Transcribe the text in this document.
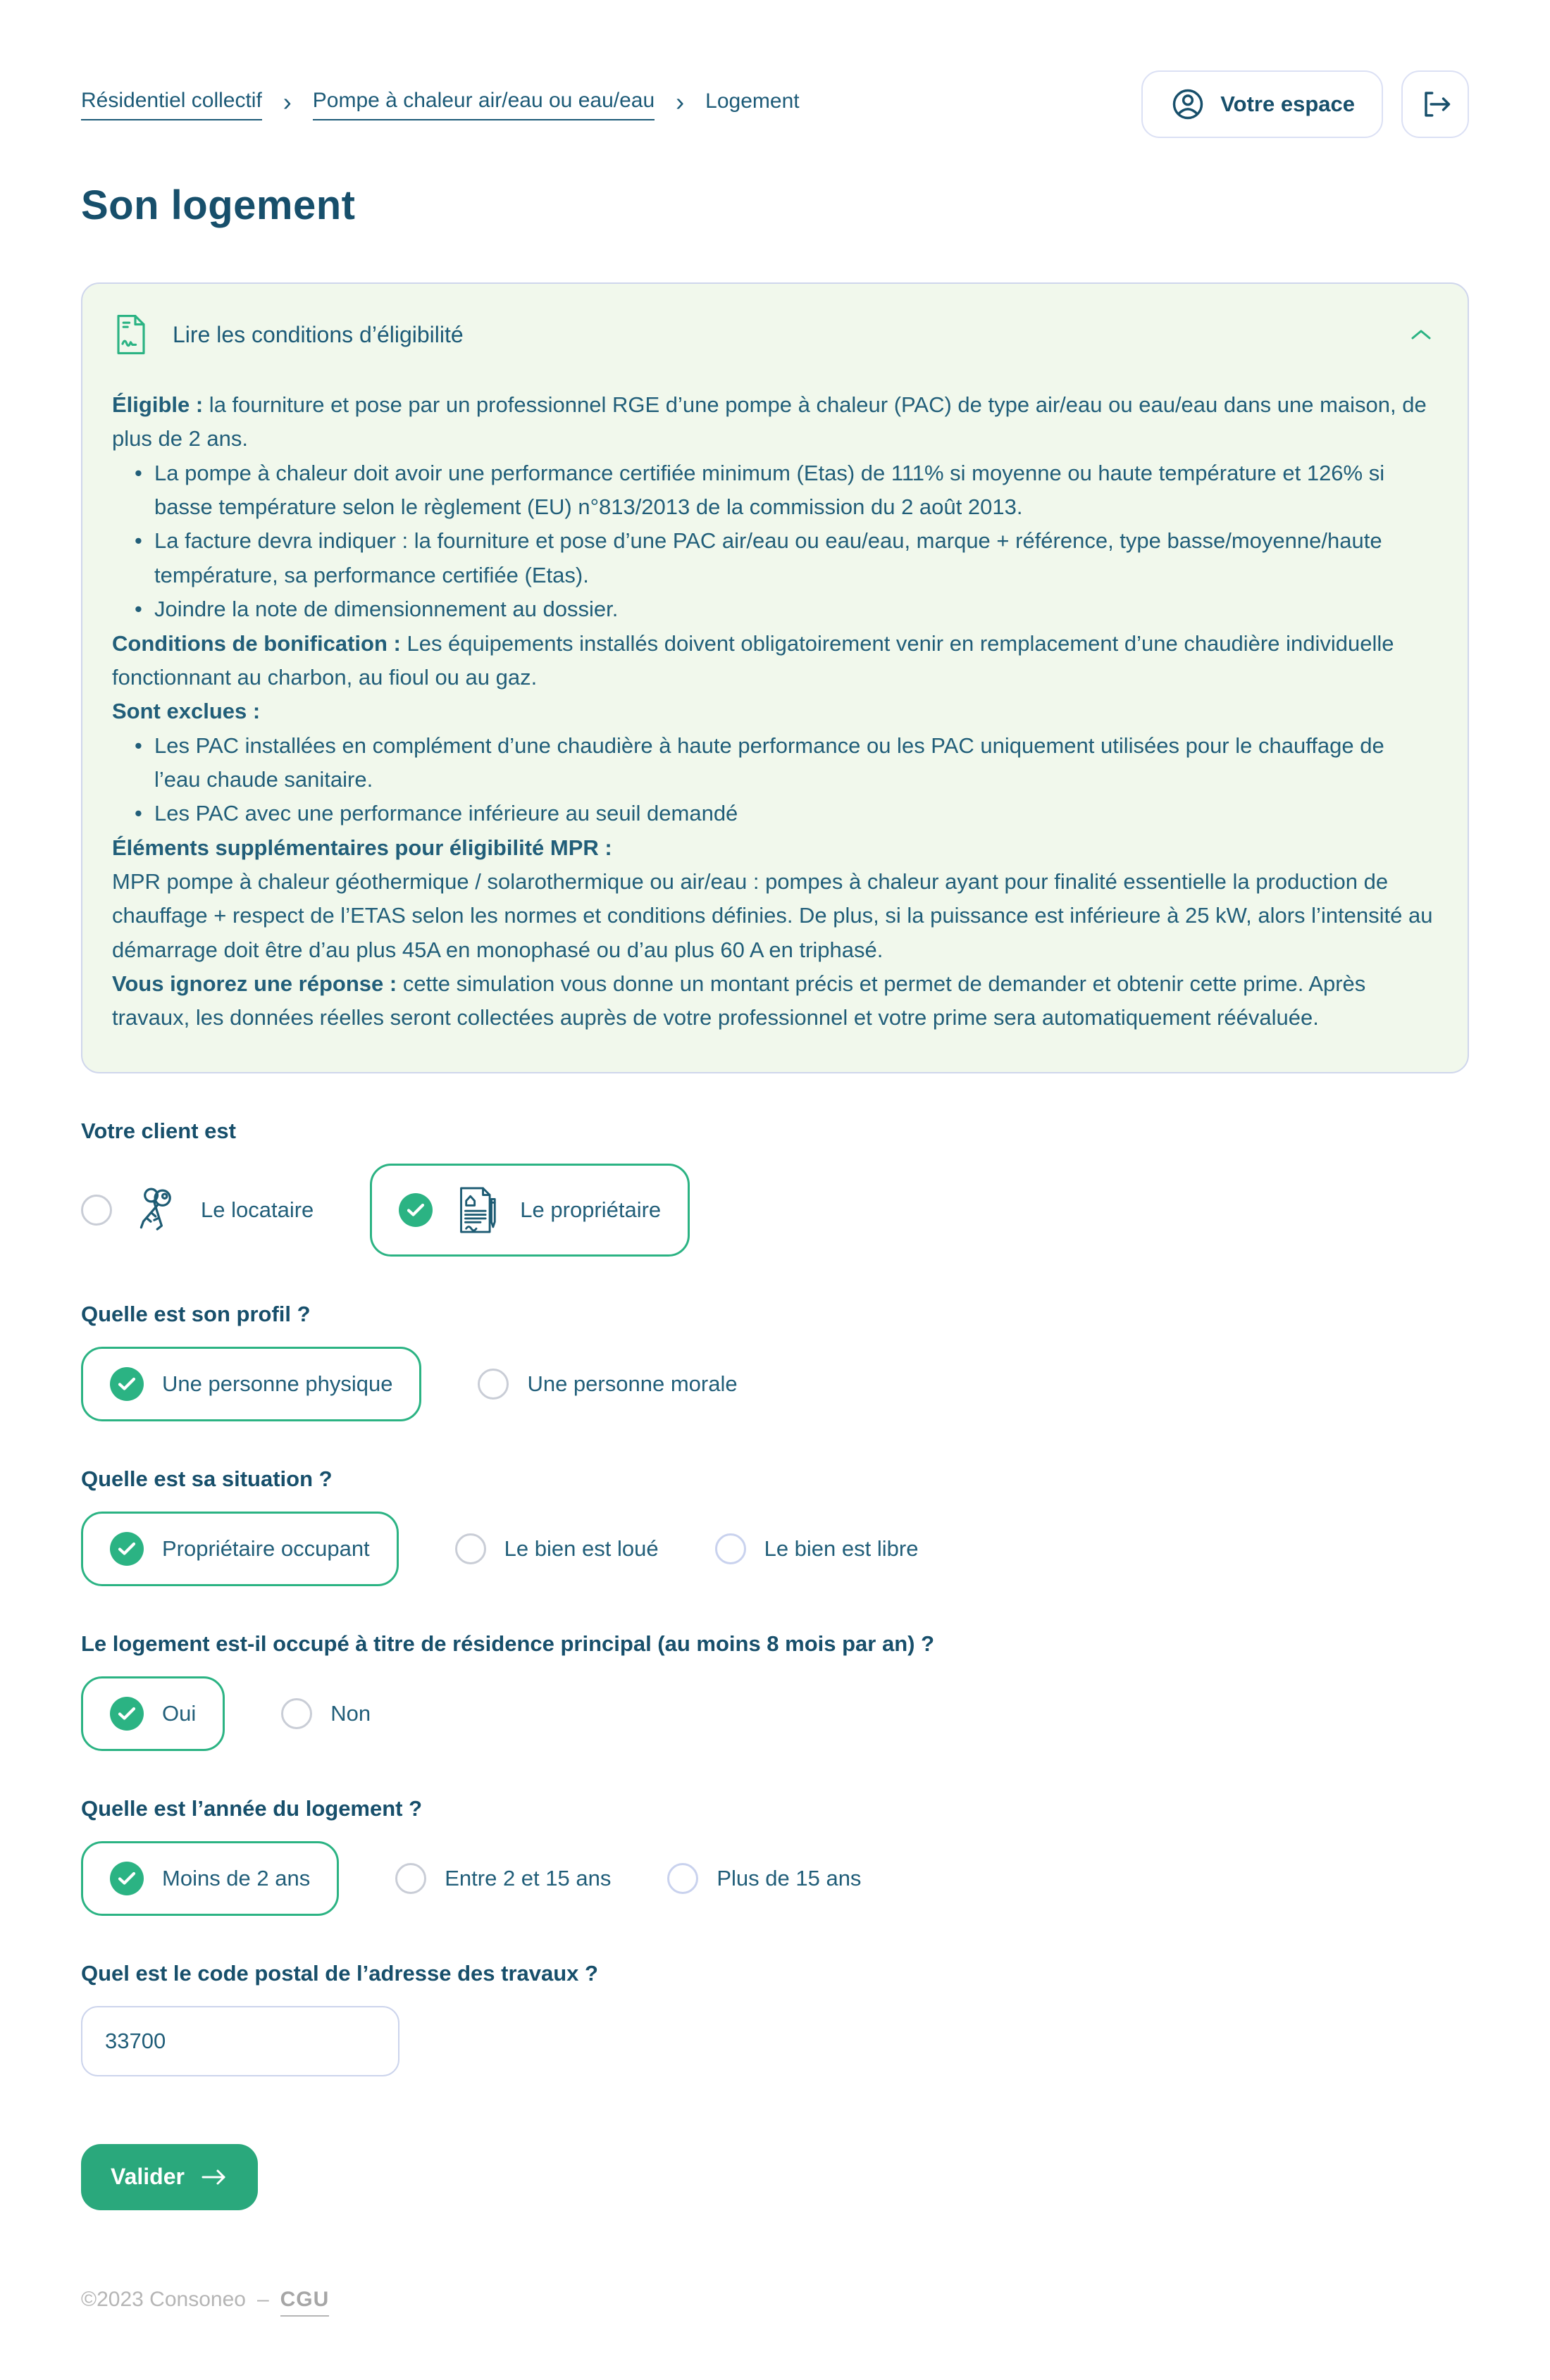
Résidentiel collectif › Pompe à chaleur air/eau ou eau/eau › Logement	Votre espace
Son logement
Lire les conditions d’éligibilité

Éligible : la fourniture et pose par un professionnel RGE d’une pompe à chaleur (PAC) de type air/eau ou eau/eau dans une maison, de plus de 2 ans.

• La pompe à chaleur doit avoir une performance certifiée minimum (Etas) de 111% si moyenne ou haute température et 126% si basse température selon le règlement (EU) n°813/2013 de la commission du 2 août 2013.
• La facture devra indiquer : la fourniture et pose d’une PAC air/eau ou eau/eau, marque + référence, type basse/moyenne/haute température, sa performance certifiée (Etas).
• Joindre la note de dimensionnement au dossier.

Conditions de bonification : Les équipements installés doivent obligatoirement venir en remplacement d’une chaudière individuelle fonctionnant au charbon, au fioul ou au gaz.

Sont exclues :

• Les PAC installées en complément d’une chaudière à haute performance ou les PAC uniquement utilisées pour le chauffage de l’eau chaude sanitaire.
• Les PAC avec une performance inférieure au seuil demandé

Éléments supplémentaires pour éligibilité MPR :

MPR pompe à chaleur géothermique / solarothermique ou air/eau : pompes à chaleur ayant pour finalité essentielle la production de chauffage + respect de l’ETAS selon les normes et conditions définies. De plus, si la puissance est inférieure à 25 kW, alors l’intensité au démarrage doit être d’au plus 45A en monophasé ou d’au plus 60 A en triphasé.

Vous ignorez une réponse : cette simulation vous donne un montant précis et permet de demander et obtenir cette prime. Après travaux, les données réelles seront collectées auprès de votre professionnel et votre prime sera automatiquement réévaluée.

Votre client est
Le locataire	Le propriétaire
Quelle est son profil ?
Une personne physique	Une personne morale
Quelle est sa situation ?
Propriétaire occupant	Le bien est loué	Le bien est libre
Le logement est-il occupé à titre de résidence principal (au moins 8 mois par an) ?
Oui	Non
Quelle est l’année du logement ?
Moins de 2 ans	Entre 2 et 15 ans	Plus de 15 ans
Quel est le code postal de l’adresse des travaux ?
33700
Valider
©2023 Consoneo – CGU
